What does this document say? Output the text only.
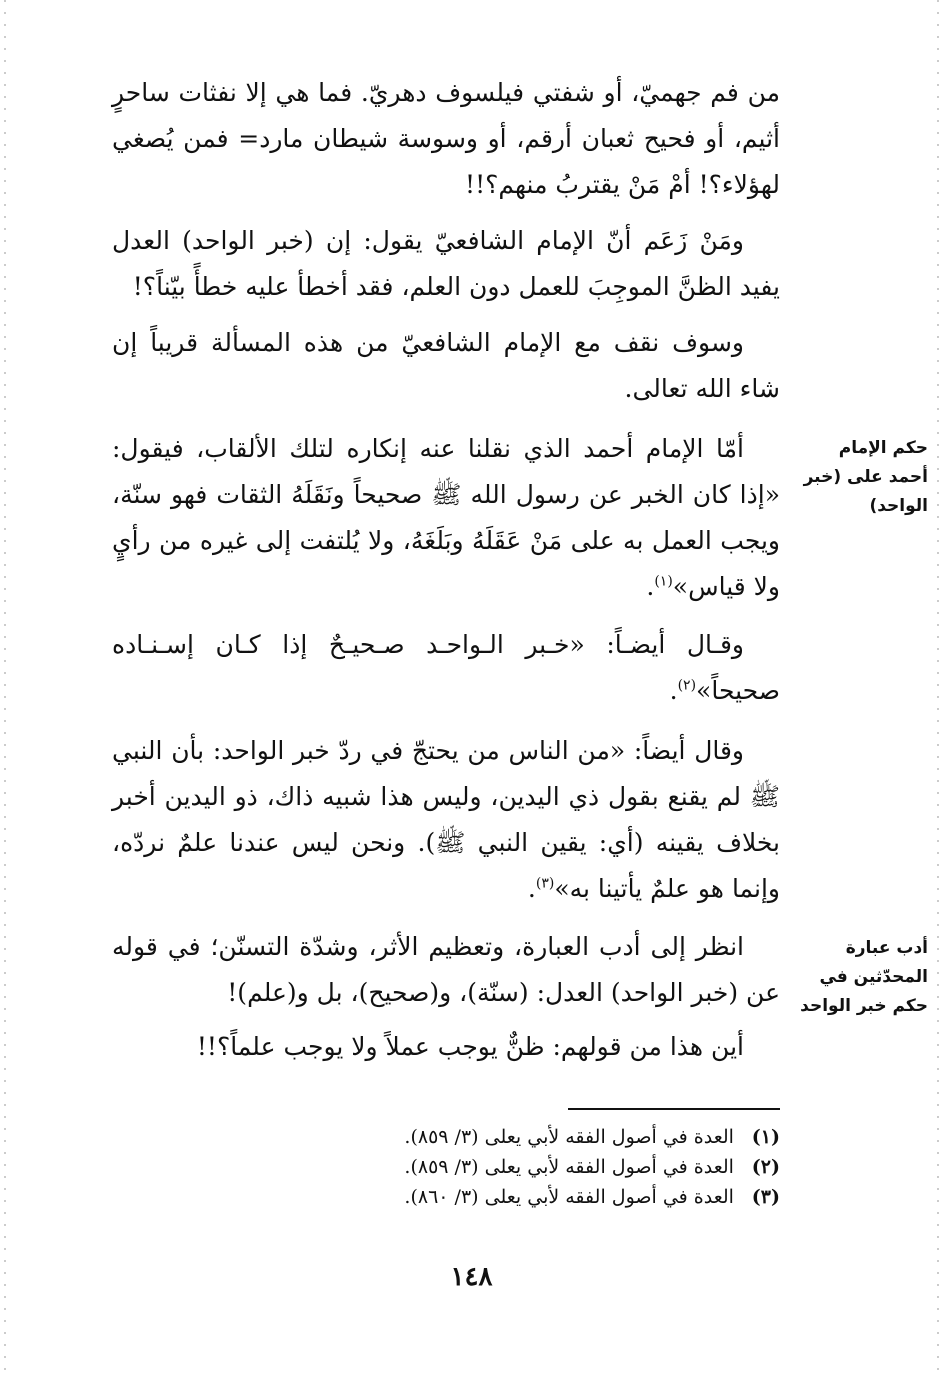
من فم جهميّ، أو شفتي فيلسوف دهريّ. فما هي إلا نفثات ساحرٍ أثيم، أو فحيح ثعبان أرقم، أو وسوسة شيطان مارد= فمن يُصغي لهؤلاء؟! أمْ مَنْ يقتربُ منهم؟!!

ومَنْ زَعَم أنّ الإمام الشافعيّ يقول: إن (خبر الواحد) العدل يفيد الظنَّ الموجِبَ للعمل دون العلم، فقد أخطأ عليه خطأً بيّناً؟!

وسوف نقف مع الإمام الشافعيّ من هذه المسألة قريباً إن شاء الله تعالى.

أمّا الإمام أحمد الذي نقلنا عنه إنكاره لتلك الألقاب، فيقول: «إذا كان الخبر عن رسول الله ﷺ صحيحاً ونَقَلَهُ الثقات فهو سنّة، ويجب العمل به على مَنْ عَقَلَهُ وبَلَغَهُ، ولا يُلتفت إلى غيره من رأيٍ ولا قياس»$^{(١)}$.

وقـال أيضـاً: «خـبر الـواحـد صـحيـحٌ إذا كـان إسـنـاده صحيحاً»$^{(٢)}$.

وقال أيضاً: «من الناس من يحتجّ في ردّ خبر الواحد: بأن النبي ﷺ لم يقنع بقول ذي اليدين، وليس هذا شبيه ذاك، ذو اليدين أخبر بخلاف يقينه (أي: يقين النبي ﷺ). ونحن ليس عندنا علمٌ نردّه، وإنما هو علمٌ يأتينا به»$^{(٣)}$.

انظر إلى أدب العبارة، وتعظيم الأثر، وشدّة التسنّن؛ في قوله عن (خبر الواحد) العدل: (سنّة)، و(صحيح)، بل و(علم)!

أين هذا من قولهم: ظنٌّ يوجب عملاً ولا يوجب علماً؟!!

حكم الإمام أحمد على (خبر الواحد)
أدب عبارة المحدّثين في حكم خبر الواحد

(١) العدة في أصول الفقه لأبي يعلى (٣/ ٨٥٩).

(٢) العدة في أصول الفقه لأبي يعلى (٣/ ٨٥٩).

(٣) العدة في أصول الفقه لأبي يعلى (٣/ ٨٦٠).

١٤٨
